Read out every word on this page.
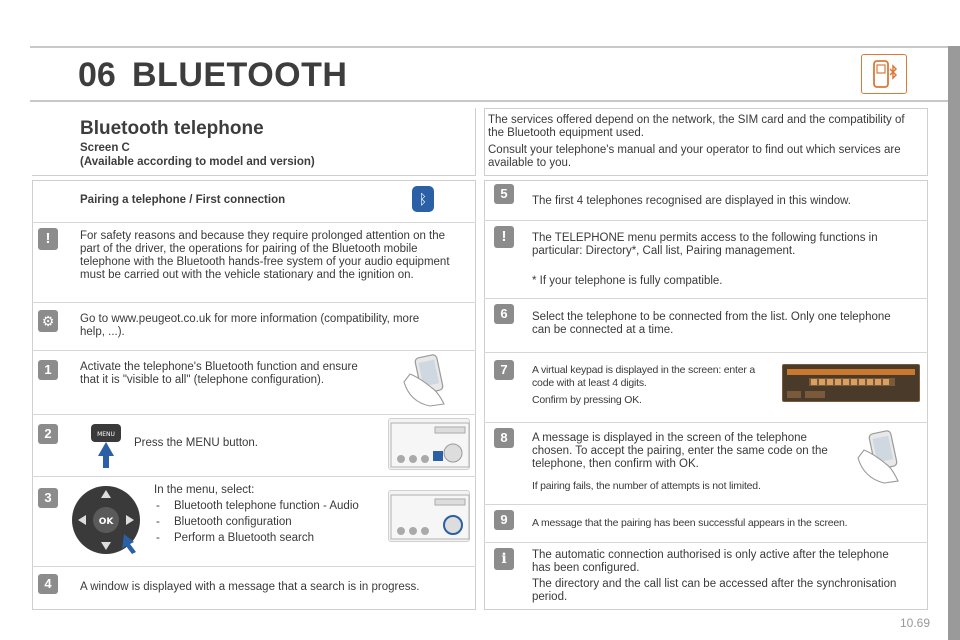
06 BLUETOOTH
Bluetooth telephone
Screen C
(Available according to model and version)
Pairing a telephone / First connection	ᛒ
!	For safety reasons and because they require prolonged attention on the part of the driver, the operations for pairing of the Bluetooth mobile telephone with the Bluetooth hands-free system of your audio equipment must be carried out with the vehicle stationary and the ignition on.
⚙	Go to www.peugeot.co.uk for more information (compatibility, more help, ...).
1	Activate the telephone's Bluetooth function and ensure that it is "visible to all" (telephone configuration).
2	MENU
Press the MENU button.
3
OK
In the menu, select:
- Bluetooth telephone function - Audio
- Bluetooth configuration
- Perform a Bluetooth search
4	A window is displayed with a message that a search is in progress.
The services offered depend on the network, the SIM card and the compatibility of the Bluetooth equipment used.
Consult your telephone's manual and your operator to find out which services are available to you.
5	The first 4 telephones recognised are displayed in this window.
!	The TELEPHONE menu permits access to the following functions in particular: Directory*, Call list, Pairing management.
* If your telephone is fully compatible.
6	Select the telephone to be connected from the list. Only one telephone can be connected at a time.
7	A virtual keypad is displayed in the screen: enter a code with at least 4 digits.
Confirm by pressing OK.
8	A message is displayed in the screen of the telephone chosen. To accept the pairing, enter the same code on the telephone, then confirm with OK.
If pairing fails, the number of attempts is not limited.
9	A message that the pairing has been successful appears in the screen.
i	The automatic connection authorised is only active after the telephone has been configured.
The directory and the call list can be accessed after the synchronisation period.
10.69
